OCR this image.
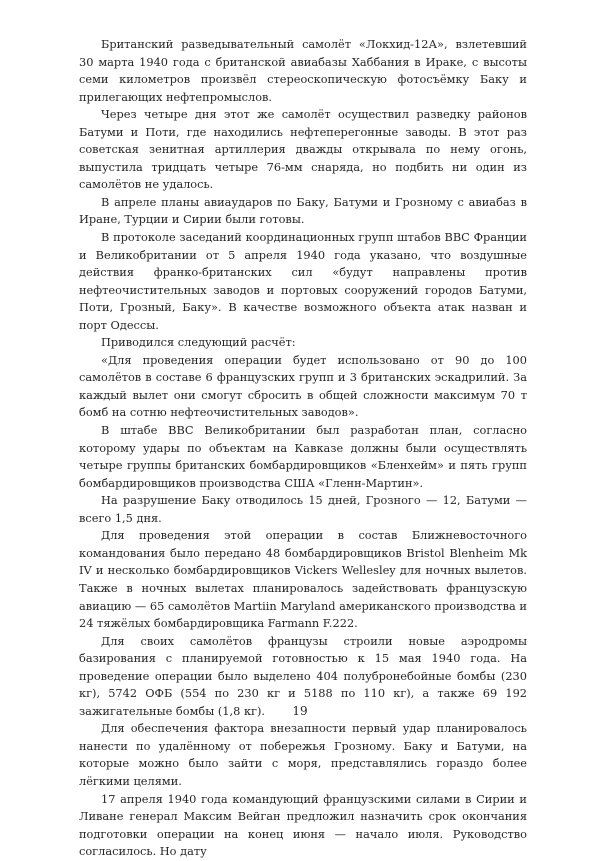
Британский разведывательный самолёт «Локхид-12А», взлетевший 30 марта 1940 года с британской авиабазы Хаббания в Ираке, с высоты семи километров произвёл стереоскопическую фотосъёмку Баку и прилегающих нефтепромыслов.

Через четыре дня этот же самолёт осуществил разведку районов Батуми и Поти, где находились нефтеперегонные заводы. В этот раз советская зенитная артиллерия дважды открывала по нему огонь, выпустила тридцать четыре 76-мм снаряда, но подбить ни один из самолётов не удалось.

В апреле планы авиаударов по Баку, Батуми и Грозному с авиабаз в Иране, Турции и Сирии были готовы.

В протоколе заседаний координационных групп штабов ВВС Франции и Великобритании от 5 апреля 1940 года указано, что воздушные действия франко-британских сил «будут направлены против нефтеочистительных заводов и портовых сооружений городов Батуми, Поти, Грозный, Баку». В качестве возможного объекта атак назван и порт Одессы.

Приводился следующий расчёт:

«Для проведения операции будет использовано от 90 до 100 самолётов в составе 6 французских групп и 3 британских эскадрилий. За каждый вылет они смогут сбросить в общей сложности максимум 70 т бомб на сотню нефтеочистительных заводов».

В штабе ВВС Великобритании был разработан план, согласно которому удары по объектам на Кавказе должны были осуществлять четыре группы британских бомбардировщиков «Бленхейм» и пять групп бомбардировщиков производства США «Гленн-Мартин».

На разрушение Баку отводилось 15 дней, Грозного — 12, Батуми — всего 1,5 дня.

Для проведения этой операции в состав Ближневосточного командования было передано 48 бомбардировщиков Bristol Blenheim Mk IV и несколько бомбардировщиков Vickers Wellesley для ночных вылетов. Также в ночных вылетах планировалось задействовать французскую авиацию — 65 самолётов Martiin Maryland американского производства и 24 тяжёлых бомбардировщика Farmann F.222.

Для своих самолётов французы строили новые аэродромы базирования с планируемой готовностью к 15 мая 1940 года. На проведение операции было выделено 404 полубронебойные бомбы (230 кг), 5742 ОФБ (554 по 230 кг и 5188 по 110 кг), а также 69 192 зажигательные бомбы (1,8 кг).

Для обеспечения фактора внезапности первый удар планировалось нанести по удалённому от побережья Грозному. Баку и Батуми, на которые можно было зайти с моря, представлялись гораздо более лёгкими целями.

17 апреля 1940 года командующий французскими силами в Сирии и Ливане генерал Максим Вейган предложил назначить срок окончания подготовки операции на конец июня — начало июля. Руководство согласилось. Но дату

19
